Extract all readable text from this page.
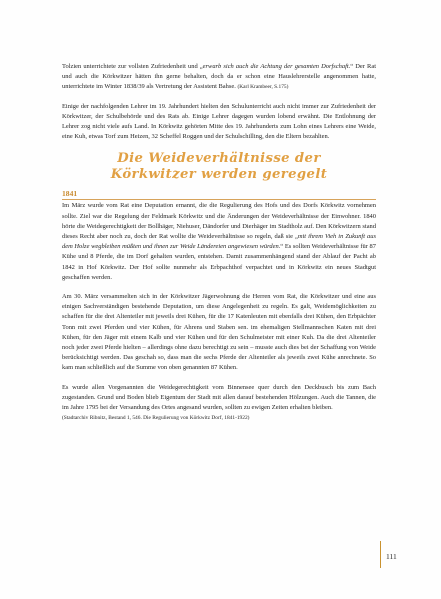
Tolzien unterrichtete zur vollsten Zufriedenheit und „erwarb sich auch die Achtung der gesamten Dorfschaft.“ Der Rat und auch die Körkwitzer hätten ihn gerne behalten, doch da er schon eine Hauslehrerstelle angenommen hatte, unterrichtete im Winter 1838/39 als Vertretung der Assistent Bahse. (Karl Krambeer, S.175)

Einige der nachfolgenden Lehrer im 19. Jahrhundert hielten den Schulunterricht auch nicht immer zur Zufriedenheit der Körkwitzer, der Schulbehörde und des Rats ab. Einige Lehrer dagegen wurden lobend erwähnt. Die Entlohnung der Lehrer zog nicht viele aufs Land. In Körkwitz gehörten Mitte des 19. Jahrhunderts zum Lohn eines Lehrers eine Weide, eine Kuh, etwas Torf zum Heizen, 32 Scheffel Roggen und der Schulschilling, den die Eltern bezahlten.

Die Weideverhältnisse der
Körkwitzer werden geregelt
1841

Im März wurde vom Rat eine Deputation ernannt, die die Regulierung des Hofs und des Dorfs Körkwitz vornehmen sollte. Ziel war die Regelung der Feldmark Körkwitz und die Änderungen der Weideverhältnisse der Einwohner. 1840 hörte die Weidegerechtigkeit der Bollhäger, Niehuser, Dändorfer und Dierhäger im Stadtholz auf. Den Körkwitzern stand dieses Recht aber noch zu, doch der Rat wollte die Weideverhältnisse so regeln, daß sie „mit ihrem Vieh in Zukunft aus dem Holze wegbleiben müßten und ihnen zur Weide Ländereien angewiesen würden.“ Es sollten Weideverhältnisse für 87 Kühe und 8 Pferde, die im Dorf gehalten wurden, entstehen. Damit zusammenhängend stand der Ablauf der Pacht ab 1842 in Hof Körkwitz. Der Hof sollte nunmehr als Erbpachthof verpachtet und in Körkwitz ein neues Stadtgut geschaffen werden.

Am 30. März versammelten sich in der Körkwitzer Jägerwohnung die Herren vom Rat, die Körkwitzer und eine aus einigen Sachverständigen bestehende Deputation, um diese Angelegenheit zu regeln. Es galt, Weidemöglichkeiten zu schaffen für die drei Altenteiler mit jeweils drei Kühen, für die 17 Katenleuten mit ebenfalls drei Kühen, den Erbpächter Tonn mit zwei Pferden und vier Kühen, für Ahrens und Staben sen. im ehemaligen Stellmannschen Katen mit drei Kühen, für den Jäger mit einem Kalb und vier Kühen und für den Schulmeister mit einer Kuh. Da die drei Altenteiler noch jeder zwei Pferde hielten – allerdings ohne dazu berechtigt zu sein – musste auch dies bei der Schaffung von Weide berücksichtigt werden. Das geschah so, dass man die sechs Pferde der Altenteiler als jeweils zwei Kühe anrechnete. So kam man schließlich auf die Summe von oben genannten 87 Kühen.

Es wurde allen Vorgenannten die Weidegerechtigkeit vom Binnensee quer durch den Deckbusch bis zum Bach zugestanden. Grund und Boden blieb Eigentum der Stadt mit allen darauf bestehenden Hölzungen. Auch die Tannen, die im Jahre 1795 bei der Versandung des Ortes angesand wurden, sollten zu ewigen Zeiten erhalten bleiben.

(Stadtarchiv Ribnitz, Bestand 1, 546. Die Regulierung von Körkwitz Dorf, 1841-1922)

111
